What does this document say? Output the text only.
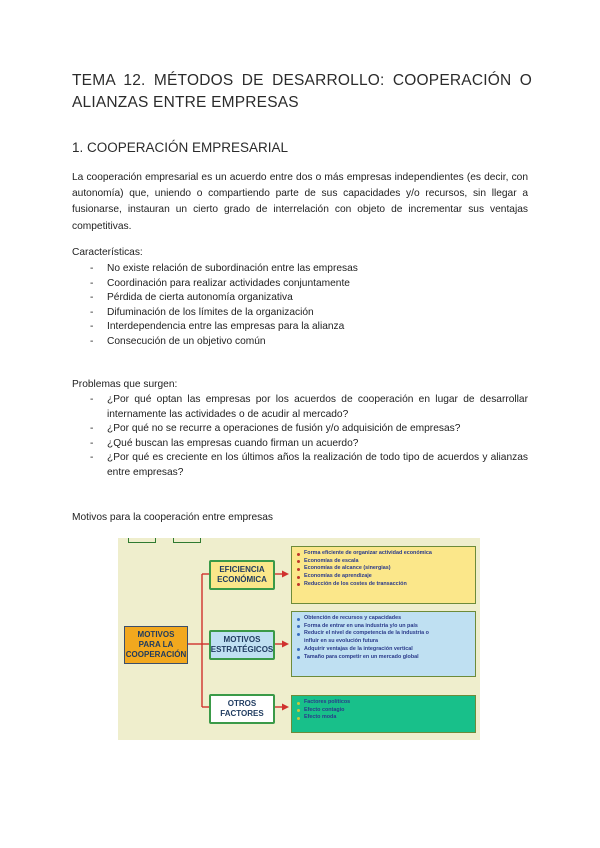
TEMA 12. MÉTODOS DE DESARROLLO: COOPERACIÓN O ALIANZAS ENTRE EMPRESAS
1. COOPERACIÓN EMPRESARIAL
La cooperación empresarial es un acuerdo entre dos o más empresas independientes (es decir, con autonomía) que, uniendo o compartiendo parte de sus capacidades y/o recursos, sin llegar a fusionarse, instauran un cierto grado de interrelación con objeto de incrementar sus ventajas competitivas.
Características:
- No existe relación de subordinación entre las empresas
- Coordinación para realizar actividades conjuntamente
- Pérdida de cierta autonomía organizativa
- Difuminación de los límites de la organización
- Interdependencia entre las empresas para la alianza
- Consecución de un objetivo común
Problemas que surgen:
- ¿Por qué optan las empresas por los acuerdos de cooperación en lugar de desarrollar internamente las actividades o de acudir al mercado?
- ¿Por qué no se recurre a operaciones de fusión y/o adquisición de empresas?
- ¿Qué buscan las empresas cuando firman un acuerdo?
- ¿Por qué es creciente en los últimos años la realización de todo tipo de acuerdos y alianzas entre empresas?
Motivos para la cooperación entre empresas
MOTIVOS
PARA LA
COOPERACIÓN
EFICIENCIA
ECONÓMICA
MOTIVOS
ESTRATÉGICOS
OTROS
FACTORES
Forma eficiente de organizar actividad económica
Economías de escala
Economías de alcance (sinergias)
Economías de aprendizaje
Reducción de los costes de transacción
Obtención de recursos y capacidades
Forma de entrar en una industria y/o un país
Reducir el nivel de competencia de la industria o
influir en su evolución futura
Adquirir ventajas de la integración vertical
Tamaño para competir en un mercado global
Factores políticos
Efecto contagio
Efecto moda
